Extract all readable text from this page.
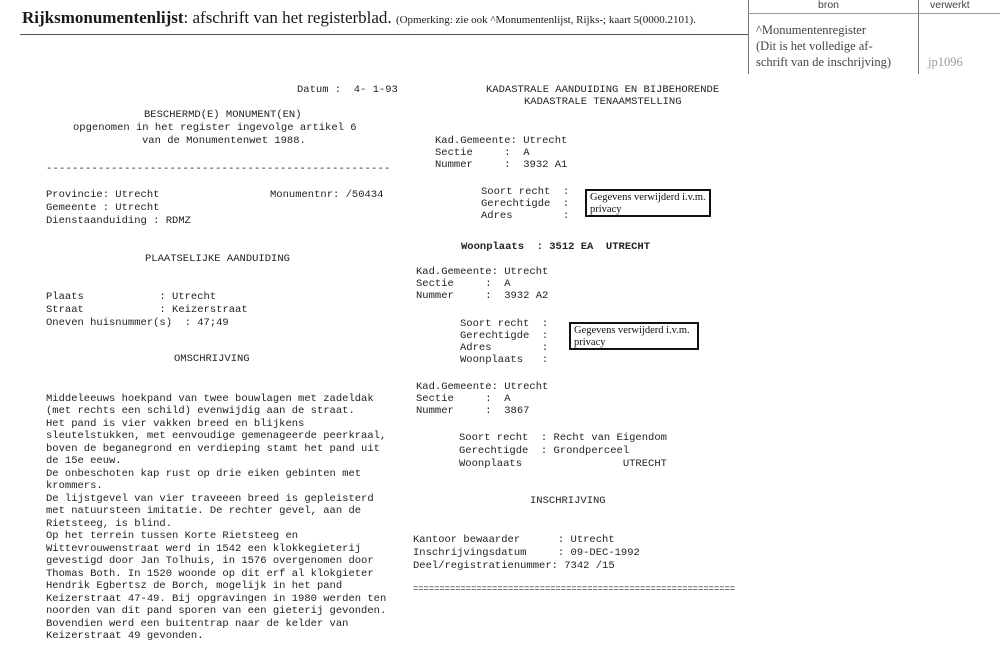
Rijksmonumentenlijst: afschrift van het registerblad. (Opmerking: zie ook ^Monumentenlijst, Rijks-; kaart 5(0000.2101).
bron	verwerkt
^Monumentenregister
(Dit is het volledige af-
schrift van de inschrijving)	jp1096
Datum :  4- 1-93
BESCHERMD(E) MONUMENT(EN)
opgenomen in het register ingevolge artikel 6
van de Monumentenwet 1988.
-----------------------------------------------------
Provincie: Utrecht	Monumentnr: /50434
Gemeente : Utrecht
Dienstaanduiding : RDMZ
PLAATSELIJKE AANDUIDING
Plaats            : Utrecht
Straat            : Keizerstraat
Oneven huisnummer(s)  : 47;49
OMSCHRIJVING

Middeleeuws hoekpand van twee bouwlagen met zadeldak
(met rechts een schild) evenwijdig aan de straat.
Het pand is vier vakken breed en blijkens
sleutelstukken, met eenvoudige gemenageerde peerkraal,
boven de beganegrond en verdieping stamt het pand uit
de 15e eeuw.
De onbeschoten kap rust op drie eiken gebinten met
krommers.
De lijstgevel van vier traveeen breed is gepleisterd
met natuursteen imitatie. De rechter gevel, aan de
Rietsteeg, is blind.
Op het terrein tussen Korte Rietsteeg en
Wittevrouwenstraat werd in 1542 een klokkegieterij
gevestigd door Jan Tolhuis, in 1576 overgenomen door
Thomas Both. In 1520 woonde op dit erf al klokgieter
Hendrik Egbertsz de Borch, mogelijk in het pand
Keizerstraat 47-49. Bij opgravingen in 1980 werden ten
noorden van dit pand sporen van een gieterij gevonden.
Bovendien werd een buitentrap naar de kelder van
Keizerstraat 49 gevonden.

KADASTRALE AANDUIDING EN BIJBEHORENDE
KADASTRALE TENAAMSTELLING
Kad.Gemeente: Utrecht
Sectie     :  A
Nummer     :  3932 A1
Soort recht  :
Gerechtigde  :
Adres        :
Gegevens verwijderd i.v.m. privacy
Woonplaats  : 3512 EA  UTRECHT
Kad.Gemeente: Utrecht
Sectie     :  A
Nummer     :  3932 A2
Soort recht  :
Gerechtigde  :
Adres        :
Woonplaats   :
Gegevens verwijderd i.v.m. privacy
Kad.Gemeente: Utrecht
Sectie     :  A
Nummer     :  3867
Soort recht  : Recht van Eigendom
Gerechtigde  : Grondperceel
Woonplaats                UTRECHT
INSCHRIJVING
Kantoor bewaarder      : Utrecht
Inschrijvingsdatum     : 09-DEC-1992
Deel/registratienummer: 7342 /15
=============================================================
